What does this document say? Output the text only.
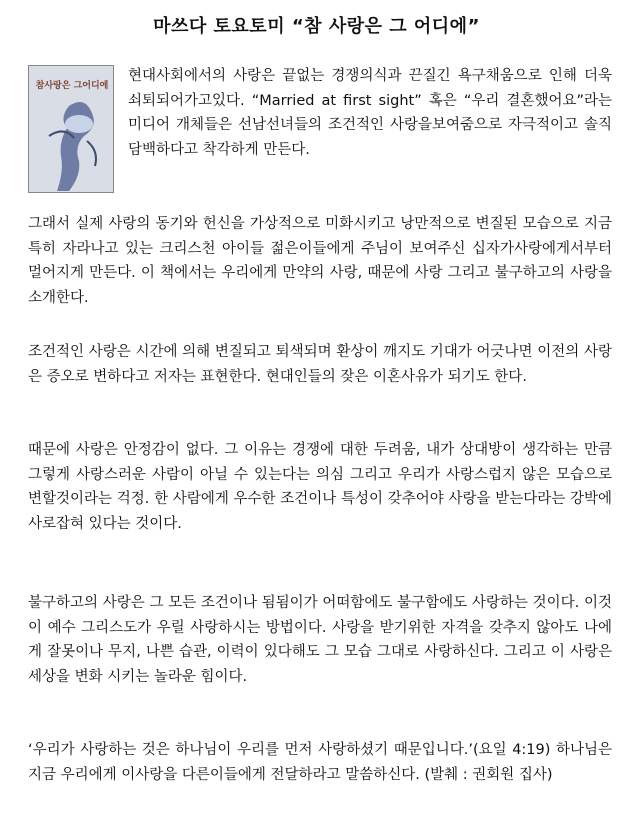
마쓰다 토요토미 “참 사랑은 그 어디에”
참사랑은 그어디에

현대사회에서의 사랑은 끝없는 경쟁의식과 끈질긴 욕구채움으로 인해 더욱 쇠퇴되어가고있다. “Married at first sight” 혹은 “우리 결혼했어요”라는 미디어 개체들은 선남선녀들의 조건적인 사랑을보여줌으로 자극적이고 솔직담백하다고 착각하게 만든다.

그래서 실제 사랑의 동기와 헌신을 가상적으로 미화시키고 낭만적으로 변질된 모습으로 지금 특히 자라나고 있는 크리스천 아이들 젊은이들에게 주님이 보여주신 십자가사랑에게서부터 멀어지게 만든다. 이 책에서는 우리에게 만약의 사랑, 때문에 사랑 그리고 불구하고의 사랑을 소개한다.

조건적인 사랑은 시간에 의해 변질되고 퇴색되며 환상이 깨지도 기대가 어긋나면 이전의 사랑은 증오로 변하다고 저자는 표현한다. 현대인들의 잦은 이혼사유가 되기도 한다.

때문에 사랑은 안정감이 없다. 그 이유는 경쟁에 대한 두려움, 내가 상대방이 생각하는 만큼 그렇게 사랑스러운 사람이 아닐 수 있는다는 의심 그리고 우리가 사랑스럽지 않은 모습으로 변할것이라는 걱정. 한 사람에게 우수한 조건이나 특성이 갖추어야 사랑을 받는다라는 강박에 사로잡혀 있다는 것이다.

불구하고의 사랑은 그 모든 조건이나 됨됨이가 어떠함에도 불구함에도 사랑하는 것이다. 이것이 예수 그리스도가 우릴 사랑하시는 방법이다. 사랑을 받기위한 자격을 갖추지 않아도 나에게 잘못이나 무지, 나쁜 습관, 이력이 있다해도 그 모습 그대로 사랑하신다. 그리고 이 사랑은 세상을 변화 시키는 놀라운 힘이다.

‘우리가 사랑하는 것은 하나님이 우리를 먼저 사랑하셨기 때문입니다.’(요일 4:19) 하나님은 지금 우리에게 이사랑을 다른이들에게 전달하라고 말씀하신다. (발췌 : 권회원 집사)
